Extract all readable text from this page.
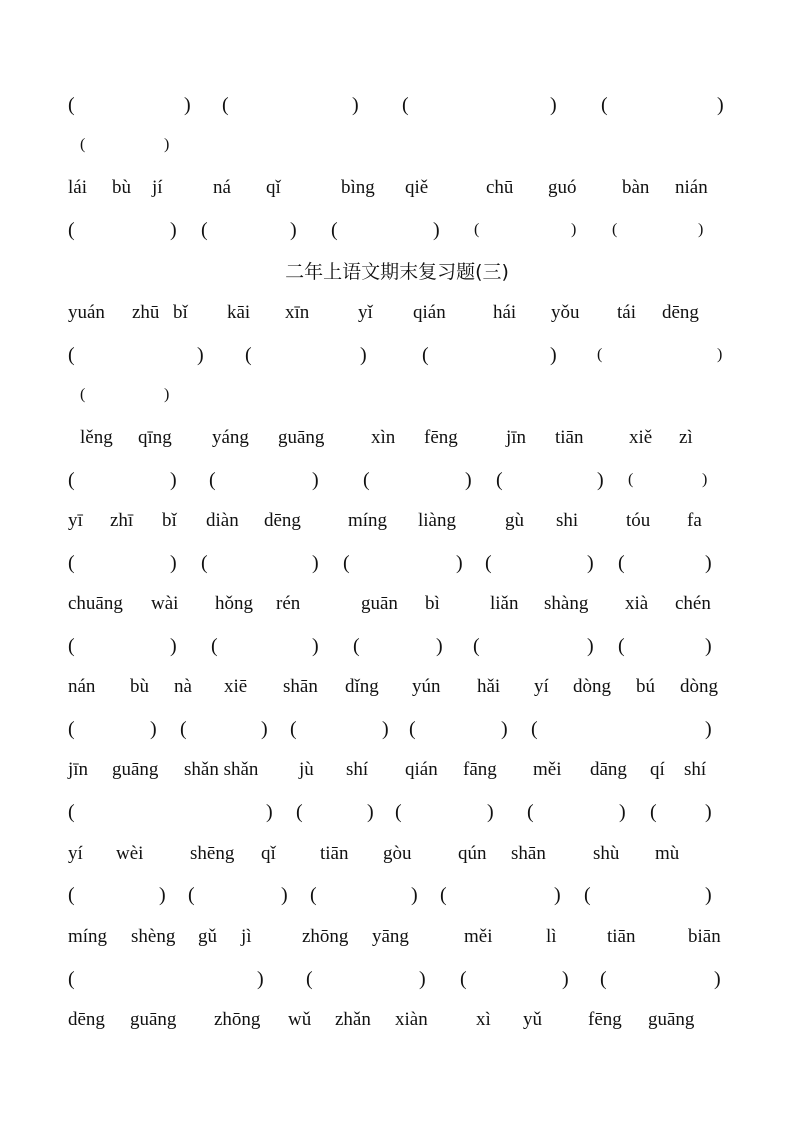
二年上语文期末复习题(三)
(	) (	) (	) (	)
(	)
lái bù jí	ná qǐ	bìng qiě	chū guó bàn nián
(	) (	) (	) (	) (	)
yuán zhū bǐ kāi xīn	yǐ qián hái yǒu tái dēng
(	) (	)	(	)	(	)
(	)
lěng qīng yáng guāng xìn fēng	jīn tiān xiě zì
(	) (	) (	) (	) (	)
yī zhī bǐ diàn dēng míng liàng	gù shi	tóu fa
(	) (	) (	) (	) (	)
chuāng wài hǒng rén	guān bì	liǎn shàng xià chén
(	) (	) (	) (	) (	)
nán bù nà xiē shān dǐng yún hǎi yí dòng bú dòng
(	) (	) (	) (	) (	)
jīn guāng shǎn shǎn jù shí qián fāng měi dāng qí shí
(	) (	) (	) (	) ( )
yí wèi shēng qǐ tiān gòu qún shān shù mù
(	) (	) (	) (	) (	)
míng shèng gǔ jì	zhōng yāng	měi	lì	tiān	biān
(	) (	) (	) (	)
dēng guāng zhōng wǔ zhǎn xiàn	xì yǔ fēng guāng
